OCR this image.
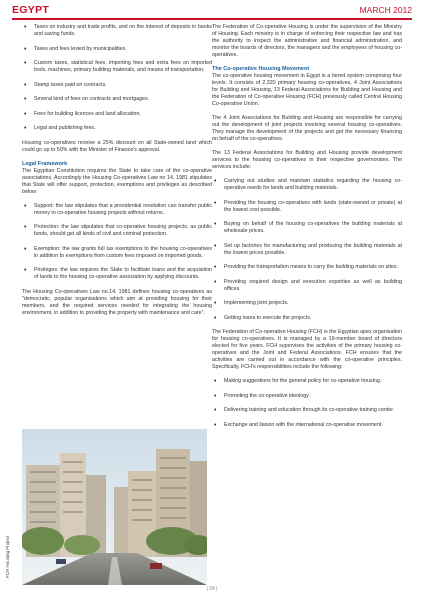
EGYPT	MARCH 2012
• Taxes on industry and trade profits, and on the interest of deposits in banks and saving funds.
• Taxes and fees levied by municipalities.
• Custom taxes, statistical fees, importing fees and extra fees on imported tools, machines, primary building materials, and means of transportation.
• Stamp taxes paid on contracts.
• Several kind of fees on contracts and mortgages.
• Fees for building licences and land allocation.
• Legal and publishing fees.

Housing co-operatives receive a 25% discount on all State-owned land which could go up to 50% with the Minister of Finance's approval.

Legal Framework

The Egyptian Constitution requires the State to take care of the co-operative associations. Accordingly the Housing Co-operatives Law no 14, 1981 stipulates that State will offer support, protection, exemptions and privileges as described below:

• Support: the law stipulates that a presidential resolution can transfer public money to co-operative housing projects without returns.
• Protection: the law stipulates that co-operative housing projects, as public funds, should get all kinds of civil and criminal protection.
• Exemption: the law grants full tax exemptions to the housing co-operatives in addition to exemptions from custom fees imposed on imported goods.
• Privileges: the law requires the State to facilitate loans and the acquisition of lands to the housing co-operative association by applying discounts.

The Housing Co-operatives Law no.14, 1981 defines housing co-operatives as "democratic, popular organisations which aim at providing housing for their members, and the required services needed for integrating the housing environment, in addition to providing the property with maintenance and care".

FCH Housing Project

The Federation of Co-operative Housing is under the supervision of the Ministry of Housing. Each ministry is in charge of enforcing their respective law and has the authority to inspect the administrative and financial administration, and monitor the boards of directors, the managers and the employees of housing co-operatives.

The Co-operative Housing Movement

The co-operative housing movement in Egypt is a tiered system comprising four levels. It consists of 2,320 primary housing co-operatives, 4 Joint Associations for Building and Housing, 13 Federal Associations for Building and Housing and the Federation of Co-operative Housing (FCH) previously called Central Housing Co-operative Union.

The 4 Joint Associations for Building and Housing are responsible for carrying out the development of joint projects involving several housing co-operatives. They manage the development of the projects and get the necessary financing on behalf of the co-operatives.

The 13 Federal Associations for Building and Housing provide development services to the housing co-operatives in their respective governorates. The services include:

• Carrying out studies and maintain statistics regarding the housing co-operative needs for lands and building materials.
• Providing the housing co-operatives with lands (state-owned or private) at the lowest cost possible.
• Buying on behalf of the housing co-operatives the building materials at wholesale prices.
• Set up factories for manufacturing and producing the building materials at the lowest prices possible.
• Providing the transportation means to carry the building materials on sites.
• Providing required design and execution expertise as well as building offices.
• Implementing joint projects.
• Getting loans to execute the projects.

The Federation of Co-operative Housing (FCH) is the Egyptian apex organisation for housing co-operatives. It is managed by a 19-member board of directors elected for five years. FCH supervises the activities of the primary housing co-operatives and the Joint and Federal Associations. FCH ensures that the activities are carried out in accordance with the co-operative principles. Specifically, FCH's responsibilities include the following:

• Making suggestions for the general policy for co-operative housing.
• Promoting the co-operative ideology.
• Delivering training and education through its co-operative training center.
• Exchange and liaison with the international co-operative movement.
| 24 |
